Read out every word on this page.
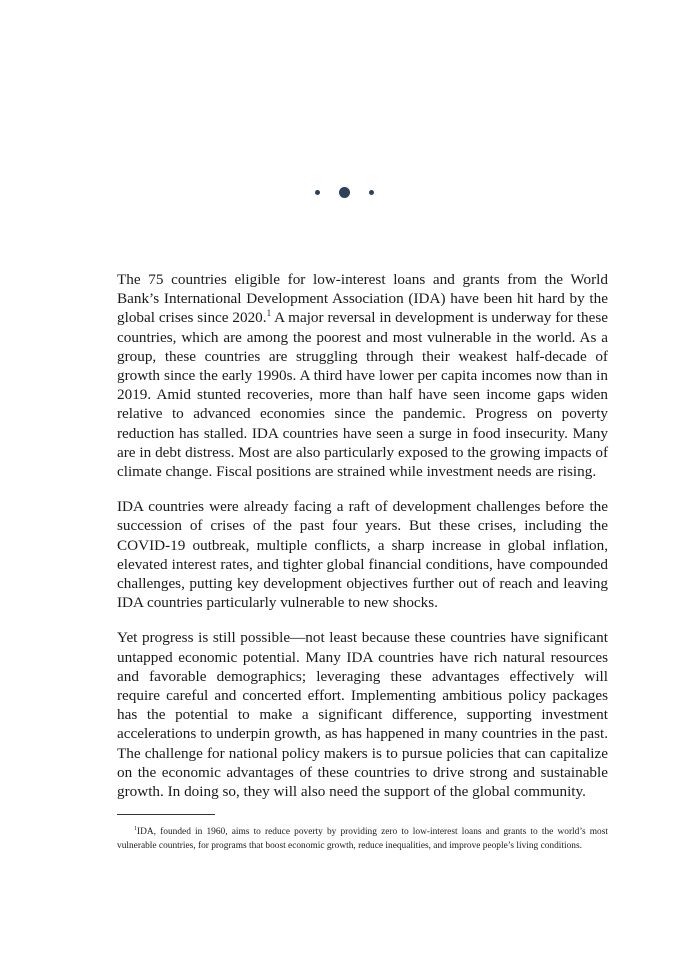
The 75 countries eligible for low-interest loans and grants from the World Bank’s International Development Association (IDA) have been hit hard by the global crises since 2020.$^1$ A major reversal in development is underway for these countries, which are among the poorest and most vulnerable in the world. As a group, these countries are struggling through their weakest half-decade of growth since the early 1990s. A third have lower per capita incomes now than in 2019. Amid stunted recoveries, more than half have seen income gaps widen relative to advanced economies since the pandemic. Progress on poverty reduction has stalled. IDA countries have seen a surge in food insecurity. Many are in debt distress. Most are also particularly exposed to the growing impacts of climate change. Fiscal positions are strained while investment needs are rising.

IDA countries were already facing a raft of development challenges before the succession of crises of the past four years. But these crises, including the COVID-19 outbreak, multiple conflicts, a sharp increase in global inflation, elevated interest rates, and tighter global financial conditions, have compounded challenges, putting key development objectives further out of reach and leaving IDA countries particularly vulnerable to new shocks.

Yet progress is still possible—not least because these countries have significant untapped economic potential. Many IDA countries have rich natural resources and favorable demographics; leveraging these advantages effectively will require careful and concerted effort. Implementing ambitious policy packages has the potential to make a significant difference, supporting investment accelerations to underpin growth, as has happened in many countries in the past. The challenge for national policy makers is to pursue policies that can capitalize on the economic advantages of these countries to drive strong and sustainable growth. In doing so, they will also need the support of the global community.

$^1$IDA, founded in 1960, aims to reduce poverty by providing zero to low-interest loans and grants to the world’s most vulnerable countries, for programs that boost economic growth, reduce inequalities, and improve people’s living conditions.
